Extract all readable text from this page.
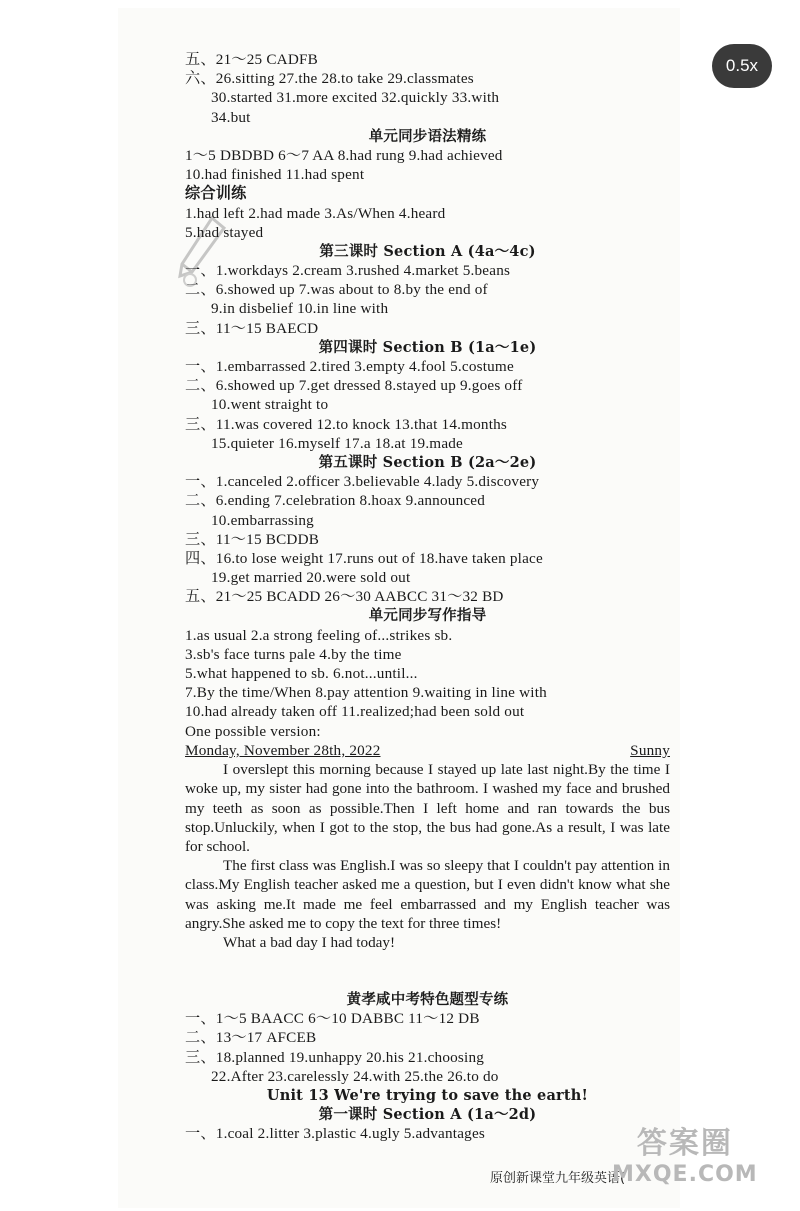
0.5x
五、21～25 CADFB
六、26.sitting 27.the 28.to take 29.classmates
30.started 31.more excited 32.quickly 33.with
34.but
单元同步语法精练
1～5 DBDBD 6～7 AA 8.had rung 9.had achieved
10.had finished 11.had spent
综合训练
1.had left 2.had made 3.As/When 4.heard
5.had stayed
第三课时 Section A (4a～4c)
一、1.workdays 2.cream 3.rushed 4.market 5.beans
二、6.showed up 7.was about to 8.by the end of
9.in disbelief 10.in line with
三、11～15 BAECD
第四课时 Section B (1a～1e)
一、1.embarrassed 2.tired 3.empty 4.fool 5.costume
二、6.showed up 7.get dressed 8.stayed up 9.goes off
10.went straight to
三、11.was covered 12.to knock 13.that 14.months
15.quieter 16.myself 17.a 18.at 19.made
第五课时 Section B (2a～2e)
一、1.canceled 2.officer 3.believable 4.lady 5.discovery
二、6.ending 7.celebration 8.hoax 9.announced
10.embarrassing
三、11～15 BCDDB
四、16.to lose weight 17.runs out of 18.have taken place
19.get married 20.were sold out
五、21～25 BCADD 26～30 AABCC 31～32 BD
单元同步写作指导
1.as usual 2.a strong feeling of...strikes sb.
3.sb's face turns pale 4.by the time
5.what happened to sb. 6.not...until...
7.By the time/When 8.pay attention 9.waiting in line with
10.had already taken off 11.realized;had been sold out
One possible version:
Monday, November 28th, 2022	Sunny

I overslept this morning because I stayed up late last night.By the time I woke up, my sister had gone into the bathroom. I washed my face and brushed my teeth as soon as possible.Then I left home and ran towards the bus stop.Unluckily, when I got to the stop, the bus had gone.As a result, I was late for school.

The first class was English.I was so sleepy that I couldn't pay attention in class.My English teacher asked me a question, but I even didn't know what she was asking me.It made me feel embarrassed and my English teacher was angry.She asked me to copy the text for three times!

What a bad day I had today!

黄孝咸中考特色题型专练
一、1～5 BAACC 6～10 DABBC 11～12 DB
二、13～17 AFCEB
三、18.planned 19.unhappy 20.his 21.choosing
22.After 23.carelessly 24.with 25.the 26.to do
Unit 13 We're trying to save the earth!
第一课时 Section A (1a～2d)
一、1.coal 2.litter 3.plastic 4.ugly 5.advantages
原创新课堂九年级英语(
答案圈
MXQE.COM
